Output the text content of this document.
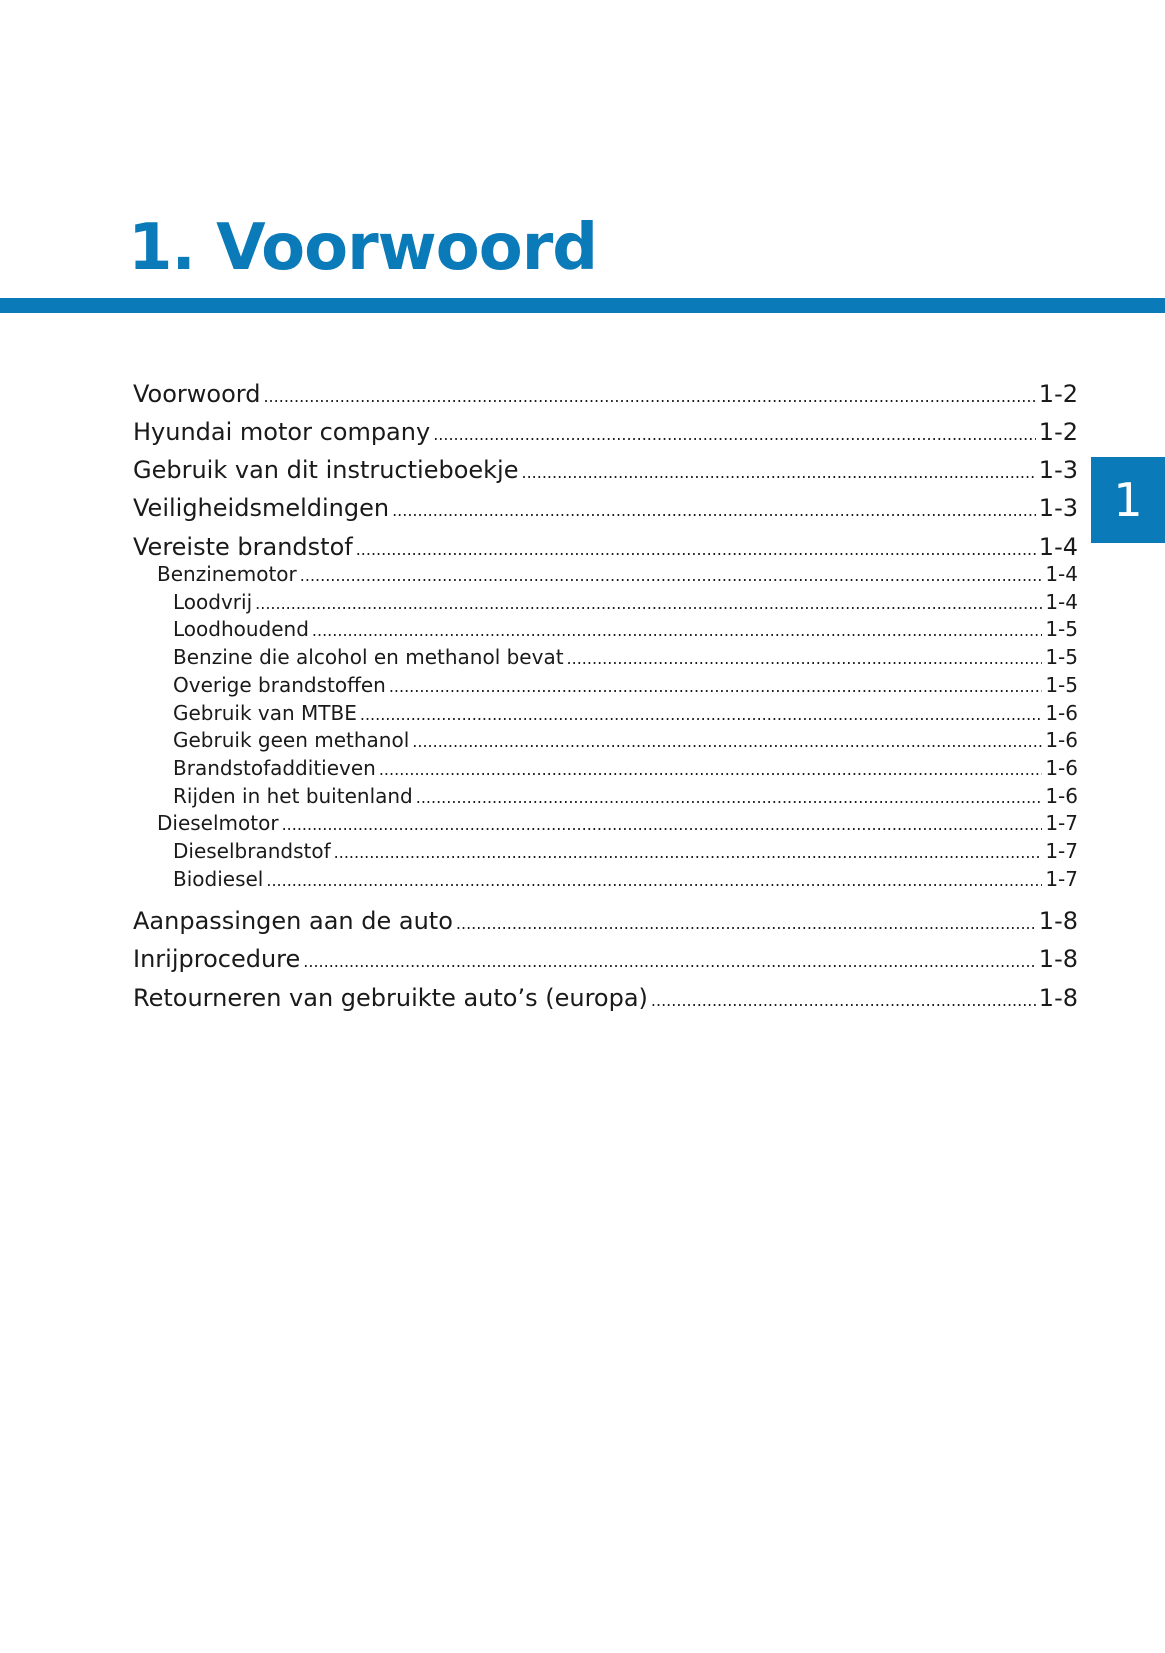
1. Voorwoord
1
Voorwoord .....	1-2
Hyundai motor company .....	1-2
Gebruik van dit instructieboekje .....	1-3
Veiligheidsmeldingen .....	1-3
Vereiste brandstof .....	1-4
Benzinemotor .....	1-4
Loodvrij .....	1-4
Loodhoudend .....	1-5
Benzine die alcohol en methanol bevat .....	1-5
Overige brandstoffen .....	1-5
Gebruik van MTBE .....	1-6
Gebruik geen methanol .....	1-6
Brandstofadditieven .....	1-6
Rijden in het buitenland .....	1-6
Dieselmotor .....	1-7
Dieselbrandstof .....	1-7
Biodiesel .....	1-7
Aanpassingen aan de auto .....	1-8
Inrijprocedure .....	1-8
Retourneren van gebruikte auto’s (europa) .....	1-8
